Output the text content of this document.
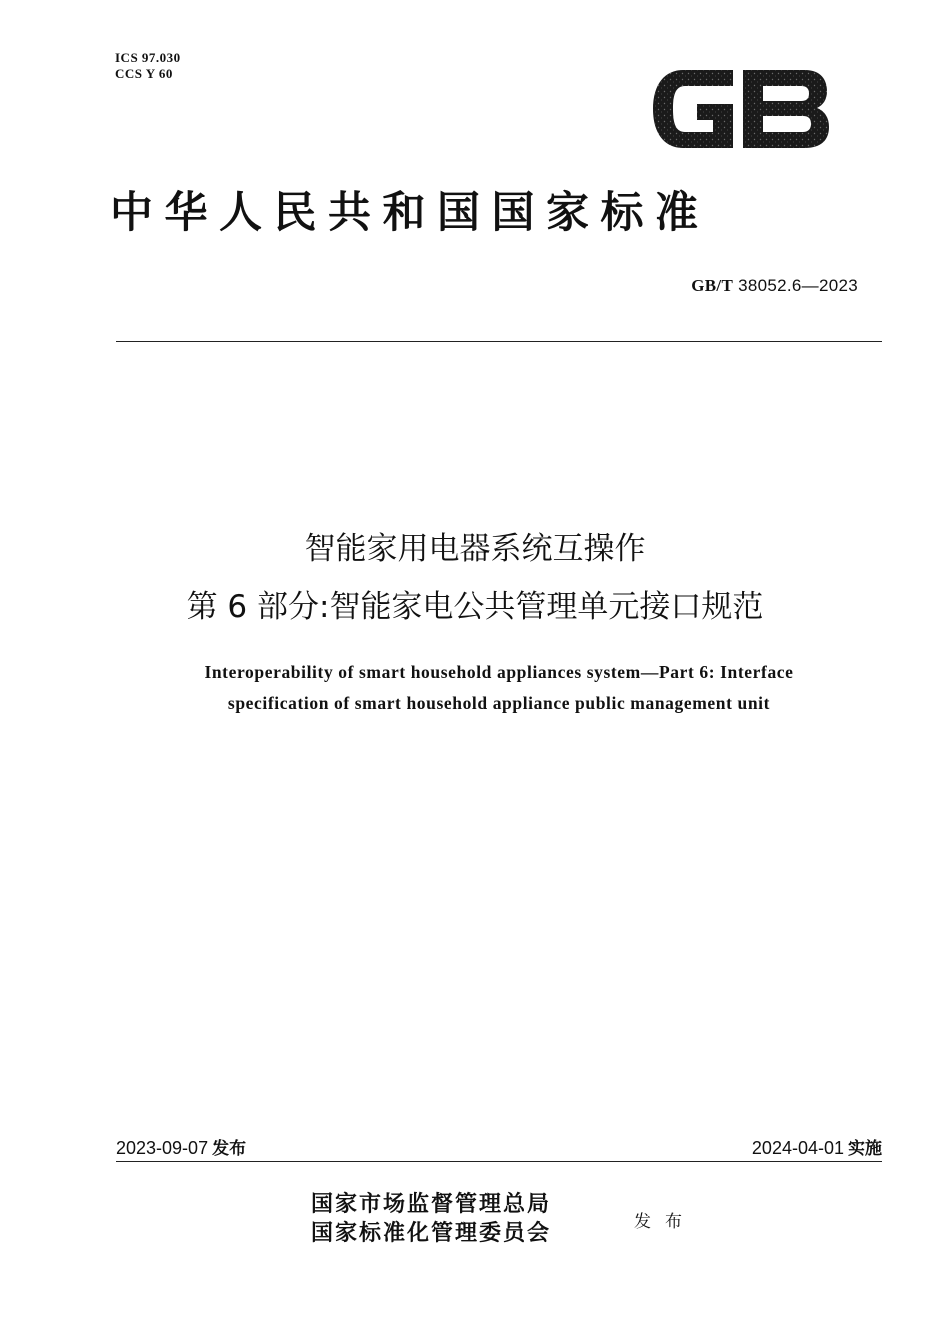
ICS 97.030
CCS Y 60
中华人民共和国国家标准
GB/T 38052.6—2023
智能家用电器系统互操作
第 6 部分:智能家电公共管理单元接口规范
Interoperability of smart household appliances system—Part 6: Interface
specification of smart household appliance public management unit
2023-09-07 发布	2024-04-01 实施
国家市场监督管理总局
国家标准化管理委员会	发布
